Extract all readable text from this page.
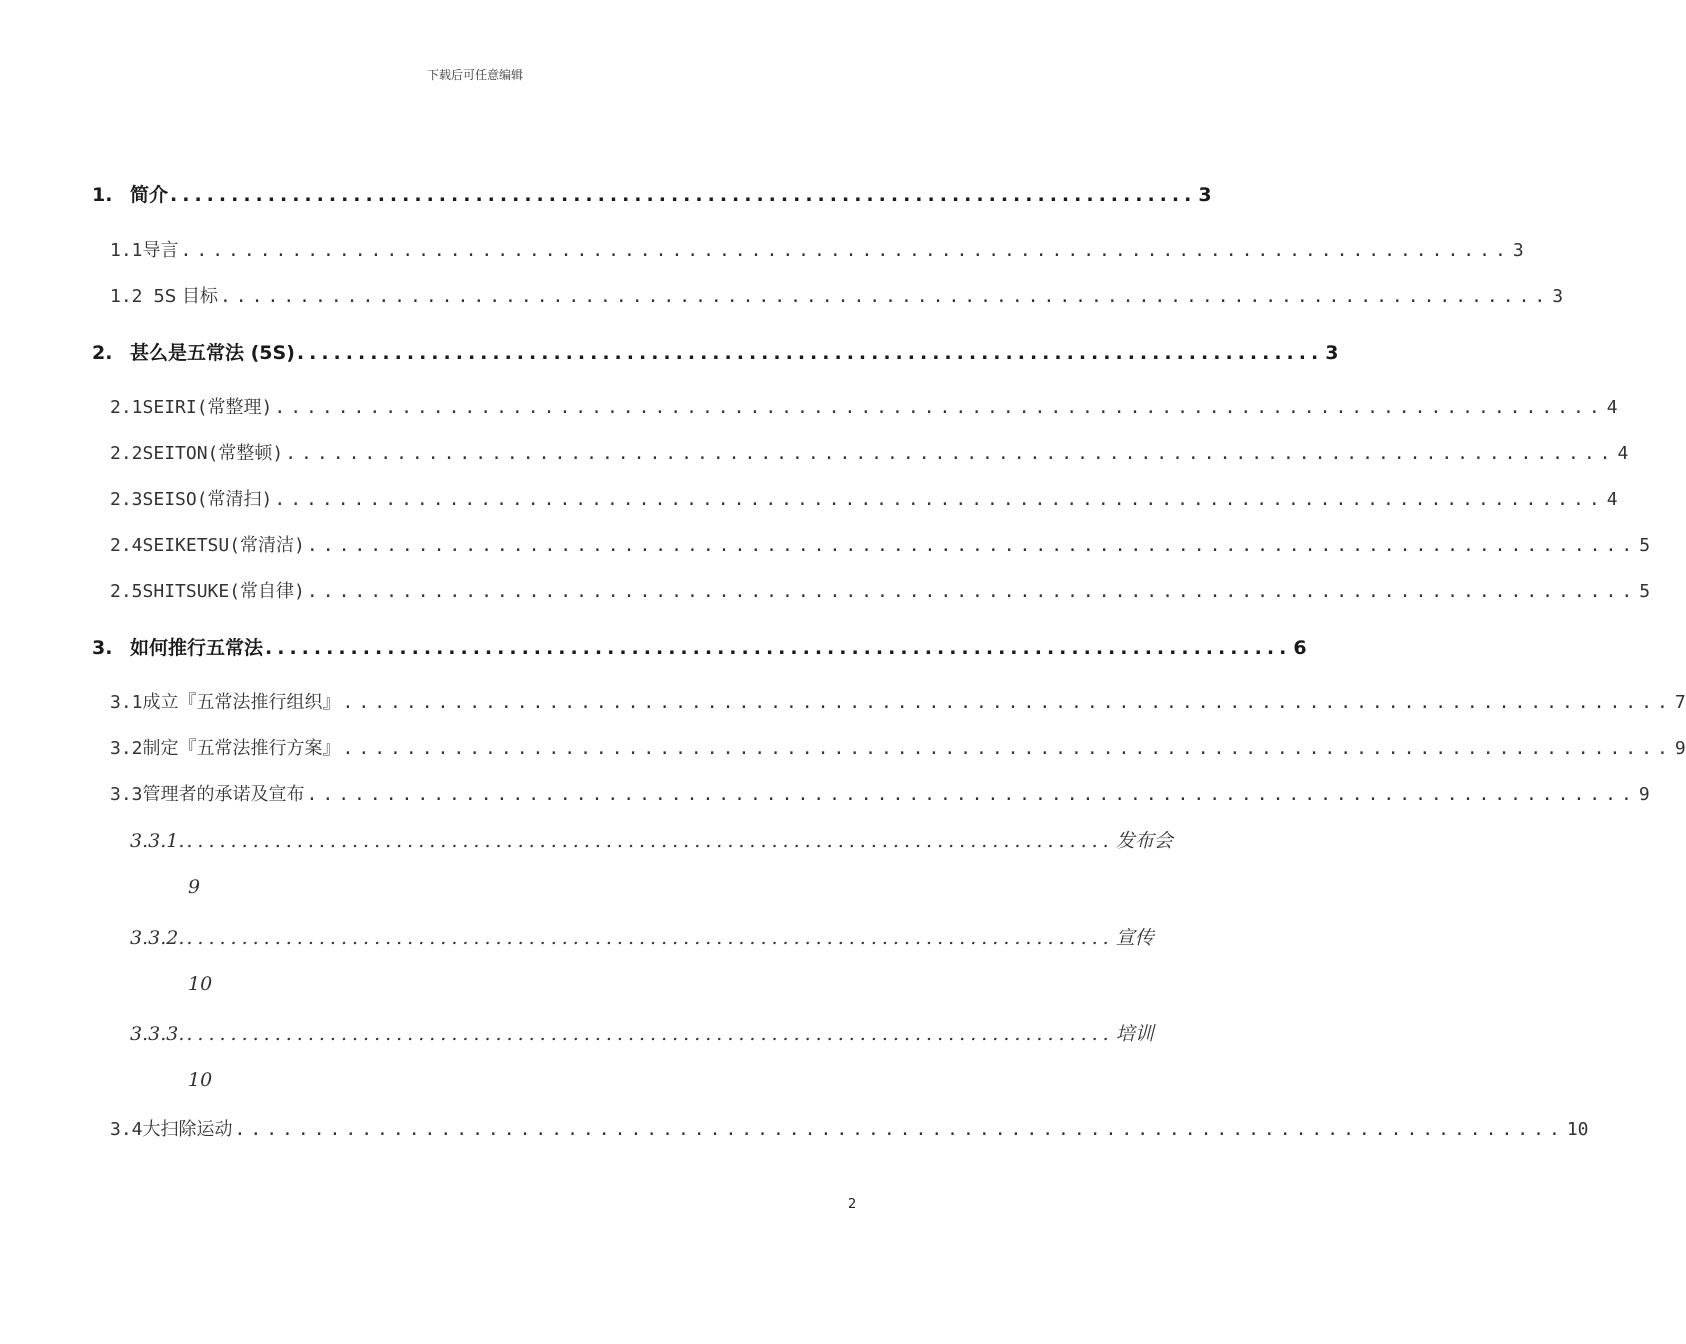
下载后可任意编辑
1. 简介 .................................................................................... 3
1.1导言 .................................................................................... 3
1.2 5S 目标 .................................................................................... 3
2. 甚么是五常法 (5S) .................................................................................... 3
2.1SEIRI(常整理) .................................................................................... 4
2.2SEITON(常整顿) .................................................................................... 4
2.3SEISO(常清扫) .................................................................................... 4
2.4SEIKETSU(常清洁) .................................................................................... 5
2.5SHITSUKE(常自律) .................................................................................... 5
3. 如何推行五常法 .................................................................................... 6
3.1成立『五常法推行组织』 .................................................................................... 7
3.2制定『五常法推行方案』 .................................................................................... 9
3.3管理者的承诺及宣布 .................................................................................... 9
3.3.1. .................................................................................... 发布会
9
3.3.2. .................................................................................... 宣传
10
3.3.3. .................................................................................... 培训
10
3.4大扫除运动 .................................................................................... 10
2
